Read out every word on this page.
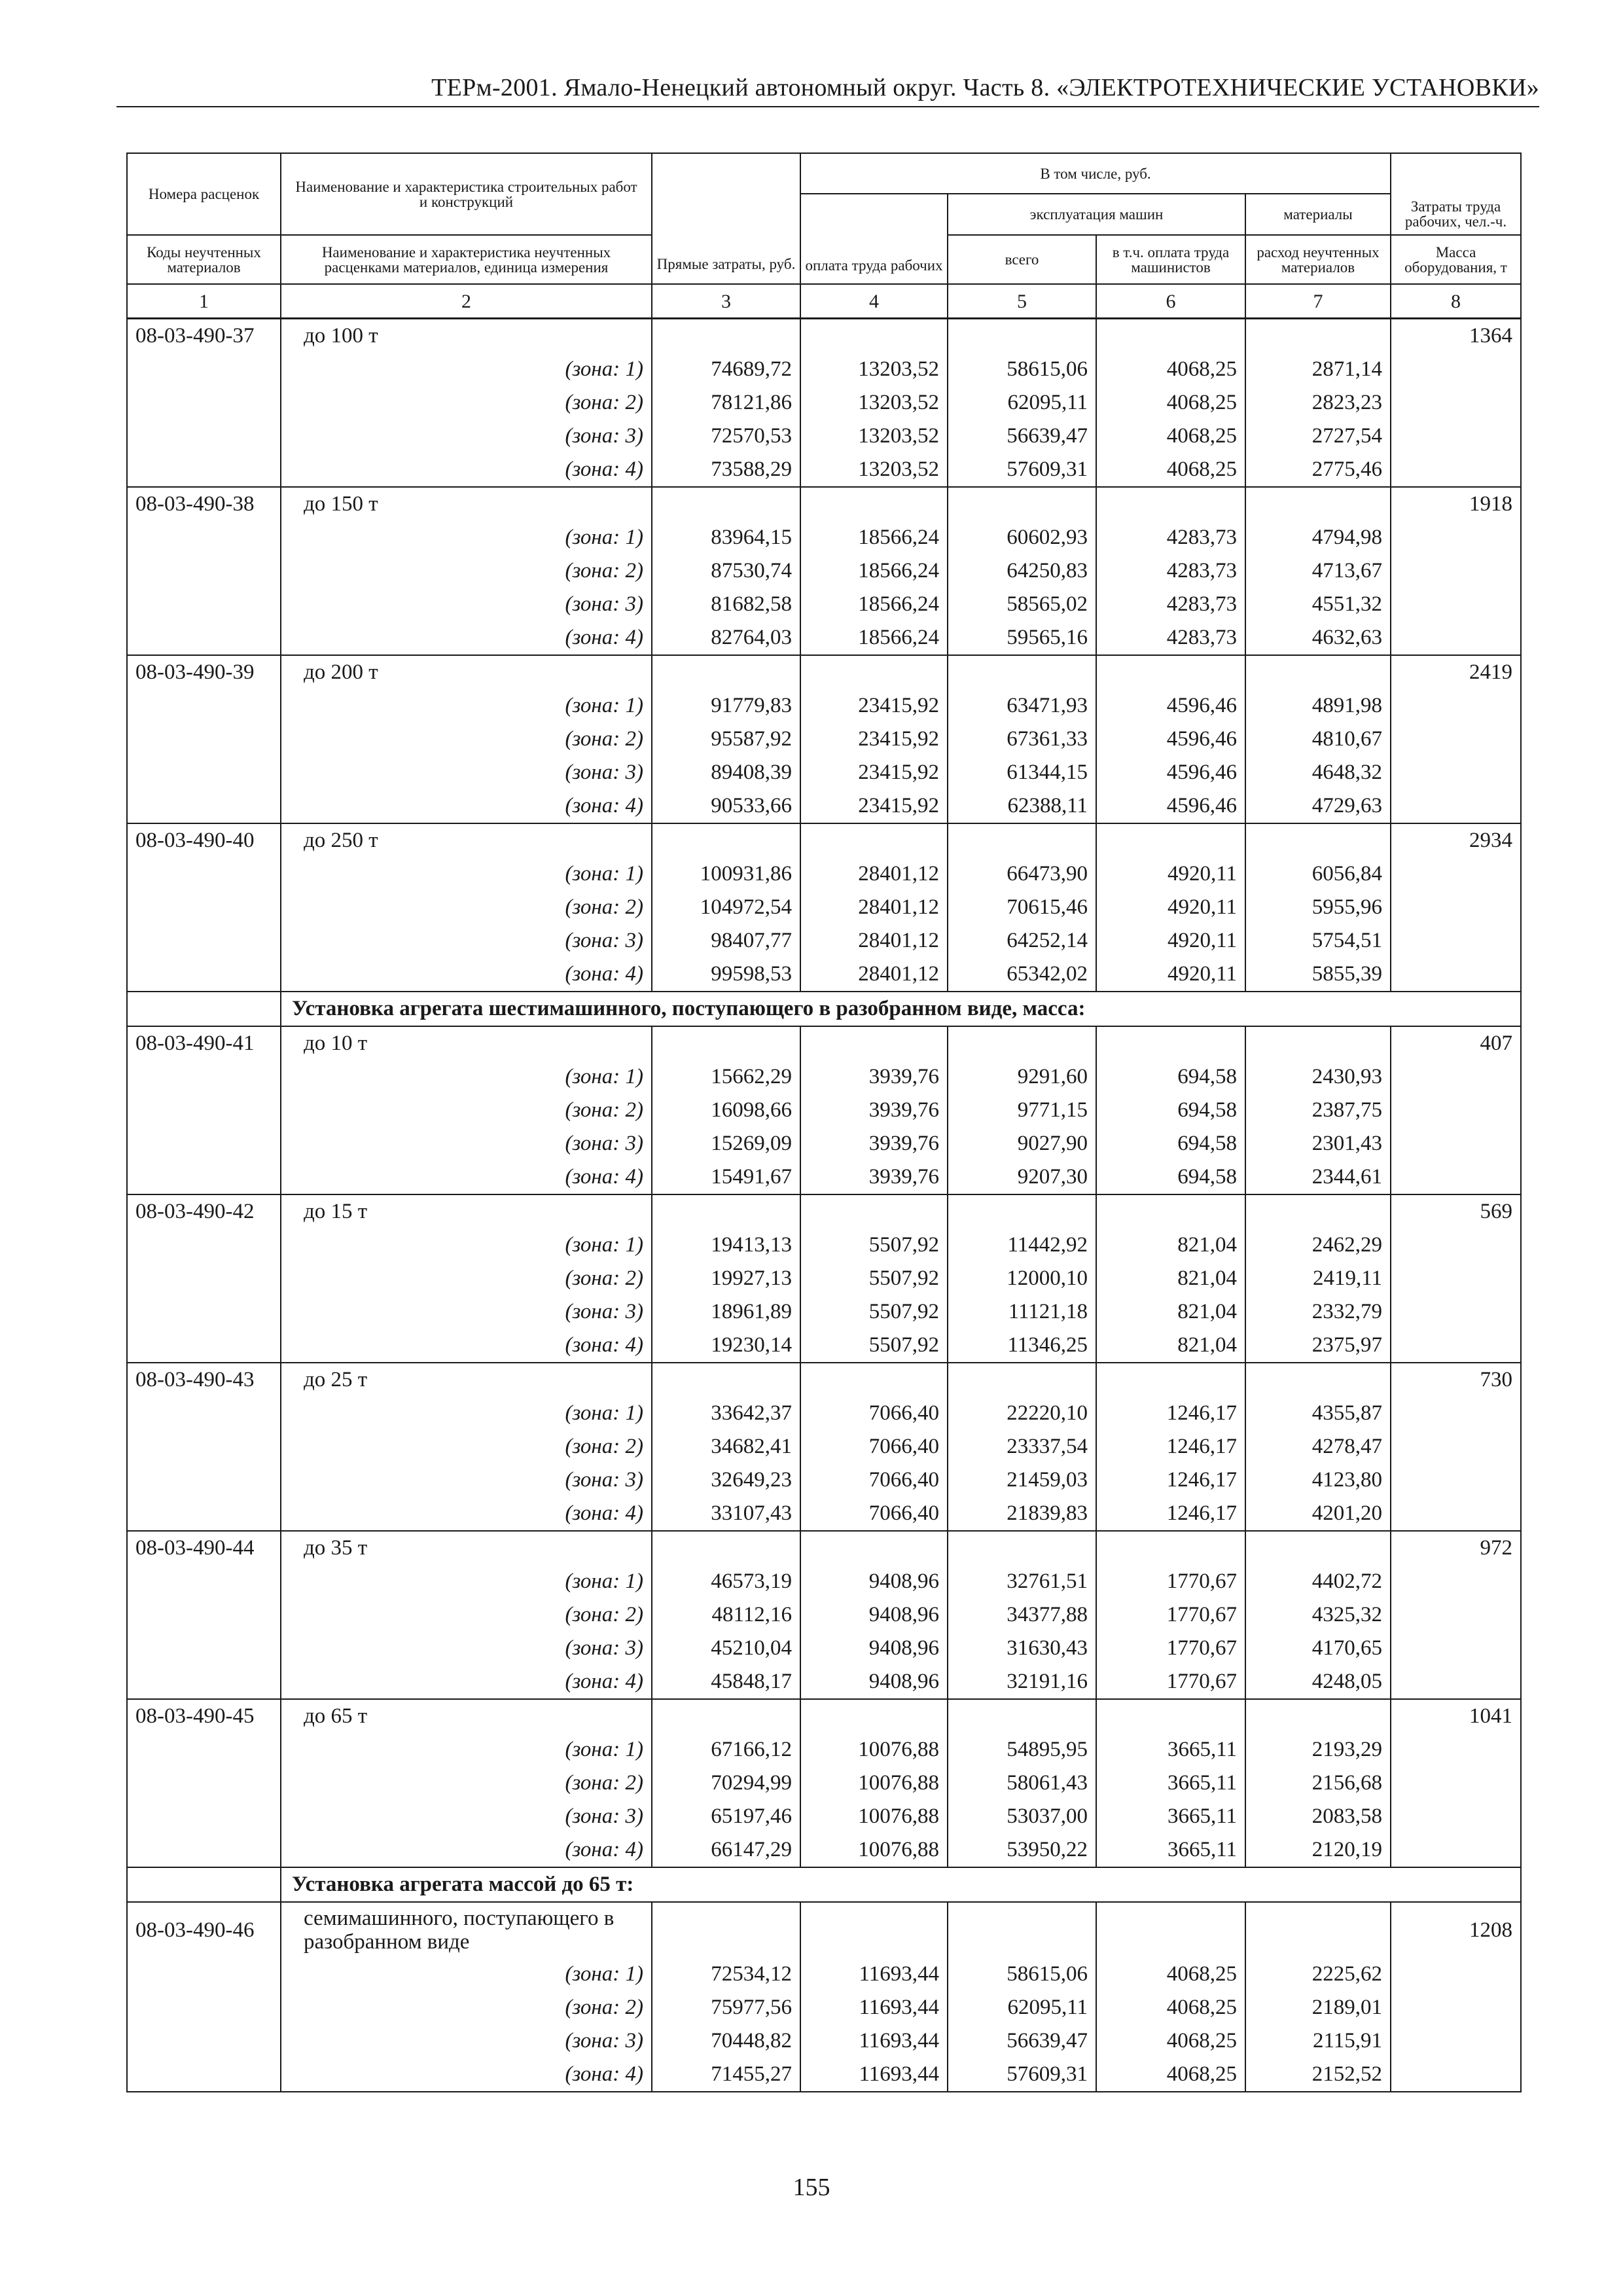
ТЕРм-2001. Ямало-Ненецкий автономный округ. Часть 8. «ЭЛЕКТРОТЕХНИЧЕСКИЕ УСТАНОВКИ»
Номера расценок	Наименование и характеристика строительных работ и конструкций	Прямые затраты, руб.	В том числе, руб.				Затраты труда рабочих, чел.-ч.
			оплата труда рабочих	эксплуатация машин		материалы	
Коды неучтенных материалов	Наименование и характеристика неучтенных расценками материалов, единица измерения			всего	в т.ч. оплата труда машинистов	расход неучтенных материалов	Масса оборудования, т
1	2	3	4	5	6	7	8
08-03-490-37	до 100 т						1364
	(зона: 1)	74689,72	13203,52	58615,06	4068,25	2871,14	
	(зона: 2)	78121,86	13203,52	62095,11	4068,25	2823,23	
	(зона: 3)	72570,53	13203,52	56639,47	4068,25	2727,54	
	(зона: 4)	73588,29	13203,52	57609,31	4068,25	2775,46	
08-03-490-38	до 150 т						1918
	(зона: 1)	83964,15	18566,24	60602,93	4283,73	4794,98	
	(зона: 2)	87530,74	18566,24	64250,83	4283,73	4713,67	
	(зона: 3)	81682,58	18566,24	58565,02	4283,73	4551,32	
	(зона: 4)	82764,03	18566,24	59565,16	4283,73	4632,63	
08-03-490-39	до 200 т						2419
	(зона: 1)	91779,83	23415,92	63471,93	4596,46	4891,98	
	(зона: 2)	95587,92	23415,92	67361,33	4596,46	4810,67	
	(зона: 3)	89408,39	23415,92	61344,15	4596,46	4648,32	
	(зона: 4)	90533,66	23415,92	62388,11	4596,46	4729,63	
08-03-490-40	до 250 т						2934
	(зона: 1)	100931,86	28401,12	66473,90	4920,11	6056,84	
	(зона: 2)	104972,54	28401,12	70615,46	4920,11	5955,96	
	(зона: 3)	98407,77	28401,12	64252,14	4920,11	5754,51	
	(зона: 4)	99598,53	28401,12	65342,02	4920,11	5855,39	
	Установка агрегата шестимашинного, поступающего в разобранном виде, масса:						
08-03-490-41	до 10 т						407
	(зона: 1)	15662,29	3939,76	9291,60	694,58	2430,93	
	(зона: 2)	16098,66	3939,76	9771,15	694,58	2387,75	
	(зона: 3)	15269,09	3939,76	9027,90	694,58	2301,43	
	(зона: 4)	15491,67	3939,76	9207,30	694,58	2344,61	
08-03-490-42	до 15 т						569
	(зона: 1)	19413,13	5507,92	11442,92	821,04	2462,29	
	(зона: 2)	19927,13	5507,92	12000,10	821,04	2419,11	
	(зона: 3)	18961,89	5507,92	11121,18	821,04	2332,79	
	(зона: 4)	19230,14	5507,92	11346,25	821,04	2375,97	
08-03-490-43	до 25 т						730
	(зона: 1)	33642,37	7066,40	22220,10	1246,17	4355,87	
	(зона: 2)	34682,41	7066,40	23337,54	1246,17	4278,47	
	(зона: 3)	32649,23	7066,40	21459,03	1246,17	4123,80	
	(зона: 4)	33107,43	7066,40	21839,83	1246,17	4201,20	
08-03-490-44	до 35 т						972
	(зона: 1)	46573,19	9408,96	32761,51	1770,67	4402,72	
	(зона: 2)	48112,16	9408,96	34377,88	1770,67	4325,32	
	(зона: 3)	45210,04	9408,96	31630,43	1770,67	4170,65	
	(зона: 4)	45848,17	9408,96	32191,16	1770,67	4248,05	
08-03-490-45	до 65 т						1041
	(зона: 1)	67166,12	10076,88	54895,95	3665,11	2193,29	
	(зона: 2)	70294,99	10076,88	58061,43	3665,11	2156,68	
	(зона: 3)	65197,46	10076,88	53037,00	3665,11	2083,58	
	(зона: 4)	66147,29	10076,88	53950,22	3665,11	2120,19	
	Установка агрегата массой до 65 т:						
08-03-490-46	семимашинного, поступающего в разобранном виде						1208
	(зона: 1)	72534,12	11693,44	58615,06	4068,25	2225,62	
	(зона: 2)	75977,56	11693,44	62095,11	4068,25	2189,01	
	(зона: 3)	70448,82	11693,44	56639,47	4068,25	2115,91	
	(зона: 4)	71455,27	11693,44	57609,31	4068,25	2152,52	
155
